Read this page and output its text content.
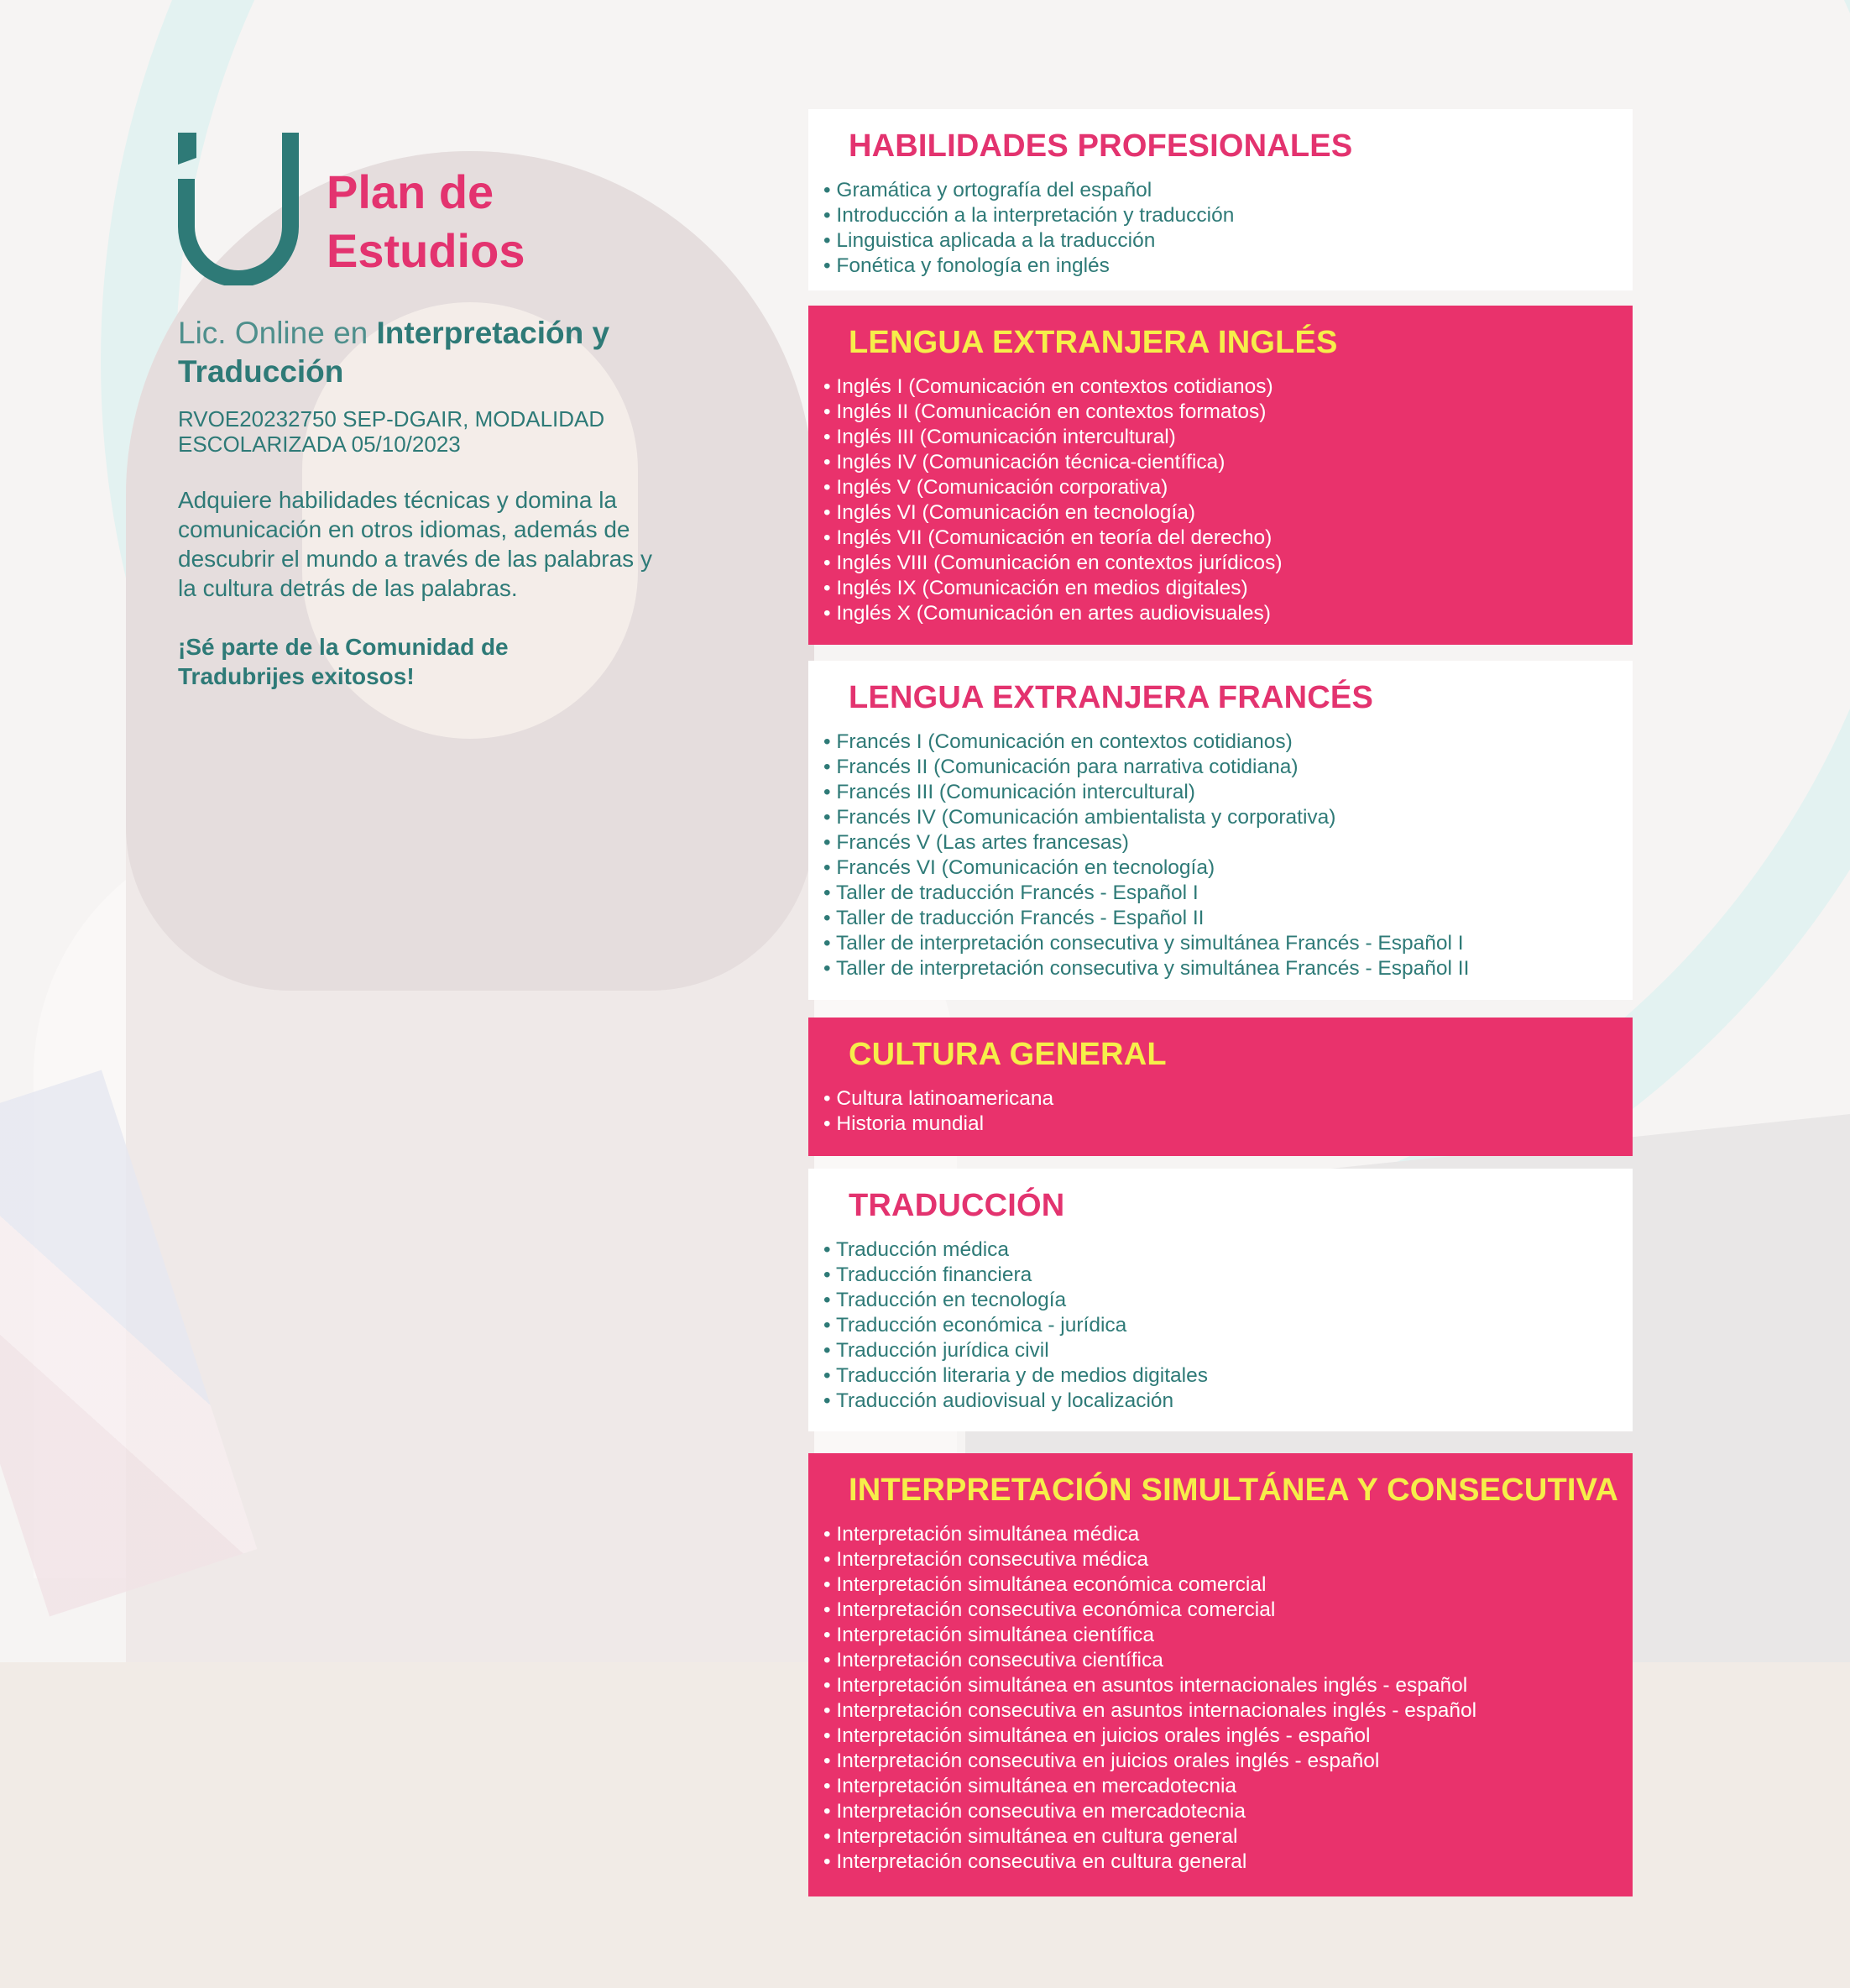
Plan de Estudios
Lic. Online en Interpretación y Traducción
RVOE20232750 SEP-DGAIR, MODALIDAD ESCOLARIZADA 05/10/2023
Adquiere habilidades técnicas y domina la comunicación en otros idiomas, además de descubrir el mundo a través de las palabras y la cultura detrás de las palabras.
¡Sé parte de la Comunidad de Tradubrijes exitosos!
HABILIDADES PROFESIONALES
• Gramática y ortografía del español
• Introducción a la interpretación y traducción
• Linguistica aplicada a la traducción
• Fonética y fonología en inglés
LENGUA EXTRANJERA INGLÉS
• Inglés I (Comunicación en contextos cotidianos)
• Inglés II (Comunicación en contextos formatos)
• Inglés III (Comunicación intercultural)
• Inglés IV (Comunicación técnica-científica)
• Inglés V (Comunicación corporativa)
• Inglés VI (Comunicación en tecnología)
• Inglés VII (Comunicación en teoría del derecho)
• Inglés VIII (Comunicación en contextos jurídicos)
• Inglés IX (Comunicación en medios digitales)
• Inglés X (Comunicación en artes audiovisuales)
LENGUA EXTRANJERA FRANCÉS
• Francés I (Comunicación en contextos cotidianos)
• Francés II (Comunicación para narrativa cotidiana)
• Francés III (Comunicación intercultural)
• Francés IV (Comunicación ambientalista y corporativa)
• Francés V (Las artes francesas)
• Francés VI (Comunicación en tecnología)
• Taller de traducción Francés - Español I
• Taller de traducción Francés - Español II
• Taller de interpretación consecutiva y simultánea Francés - Español I
• Taller de interpretación consecutiva y simultánea Francés - Español II
CULTURA GENERAL
• Cultura latinoamericana
• Historia mundial
TRADUCCIÓN
• Traducción médica
• Traducción financiera
• Traducción en tecnología
• Traducción económica - jurídica
• Traducción jurídica civil
• Traducción literaria y de medios digitales
• Traducción audiovisual y localización
INTERPRETACIÓN SIMULTÁNEA Y CONSECUTIVA
• Interpretación simultánea médica
• Interpretación consecutiva médica
• Interpretación simultánea económica comercial
• Interpretación consecutiva económica comercial
• Interpretación simultánea científica
• Interpretación consecutiva científica
• Interpretación simultánea en asuntos internacionales inglés - español
• Interpretación consecutiva en asuntos internacionales inglés - español
• Interpretación simultánea en juicios orales inglés - español
• Interpretación consecutiva en juicios orales inglés - español
• Interpretación simultánea en mercadotecnia
• Interpretación consecutiva en mercadotecnia
• Interpretación simultánea en cultura general
• Interpretación consecutiva en cultura general
